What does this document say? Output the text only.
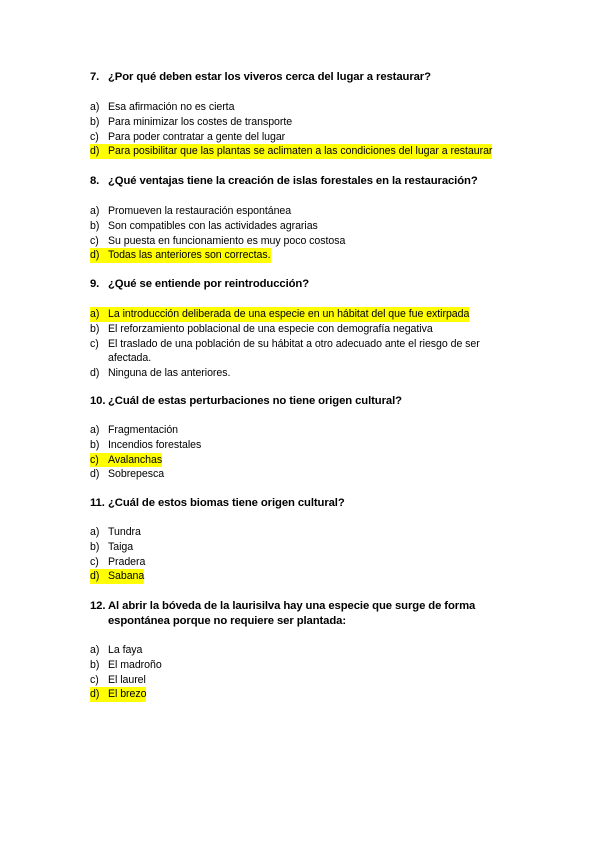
7. ¿Por qué deben estar los viveros cerca del lugar a restaurar?
a) Esa afirmación no es cierta
b) Para minimizar los costes de transporte
c) Para poder contratar a gente del lugar
d) Para posibilitar que las plantas se aclimaten a las condiciones del lugar a restaurar
8. ¿Qué ventajas tiene la creación de islas forestales en la restauración?
a) Promueven la restauración espontánea
b) Son compatibles con las actividades agrarias
c) Su puesta en funcionamiento es muy poco costosa
d) Todas las anteriores son correctas.
9. ¿Qué se entiende por reintroducción?
a) La introducción deliberada de una especie en un hábitat del que fue extirpada
b) El reforzamiento poblacional de una especie con demografía negativa
c) El traslado de una población de su hábitat a otro adecuado ante el riesgo de ser afectada.
d) Ninguna de las anteriores.
10. ¿Cuál de estas perturbaciones no tiene origen cultural?
a) Fragmentación
b) Incendios forestales
c) Avalanchas
d) Sobrepesca
11. ¿Cuál de estos biomas tiene origen cultural?
a) Tundra
b) Taiga
c) Pradera
d) Sabana
12. Al abrir la bóveda de la laurisilva hay una especie que surge de forma espontánea porque no requiere ser plantada:
a) La faya
b) El madroño
c) El laurel
d) El brezo
